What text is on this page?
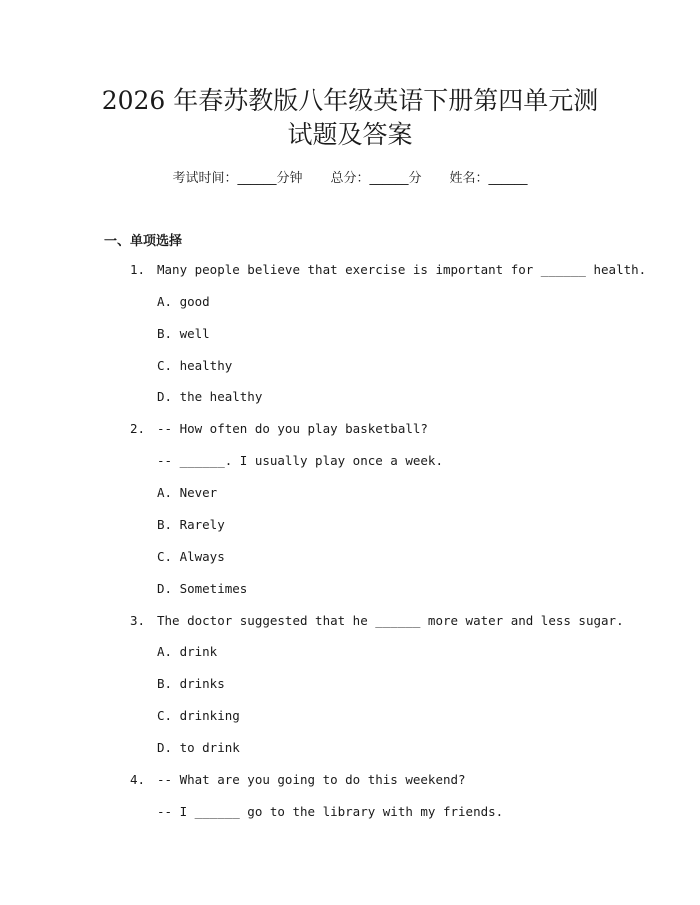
2026 年春苏教版八年级英语下册第四单元测
试题及答案
考试时间：______分钟 总分：______分 姓名：______
一、单项选择
1. Many people believe that exercise is important for ______ health.
A. good
B. well
C. healthy
D. the healthy
2. -- How often do you play basketball?
-- ______. I usually play once a week.
A. Never
B. Rarely
C. Always
D. Sometimes
3. The doctor suggested that he ______ more water and less sugar.
A. drink
B. drinks
C. drinking
D. to drink
4. -- What are you going to do this weekend?
-- I ______ go to the library with my friends.
